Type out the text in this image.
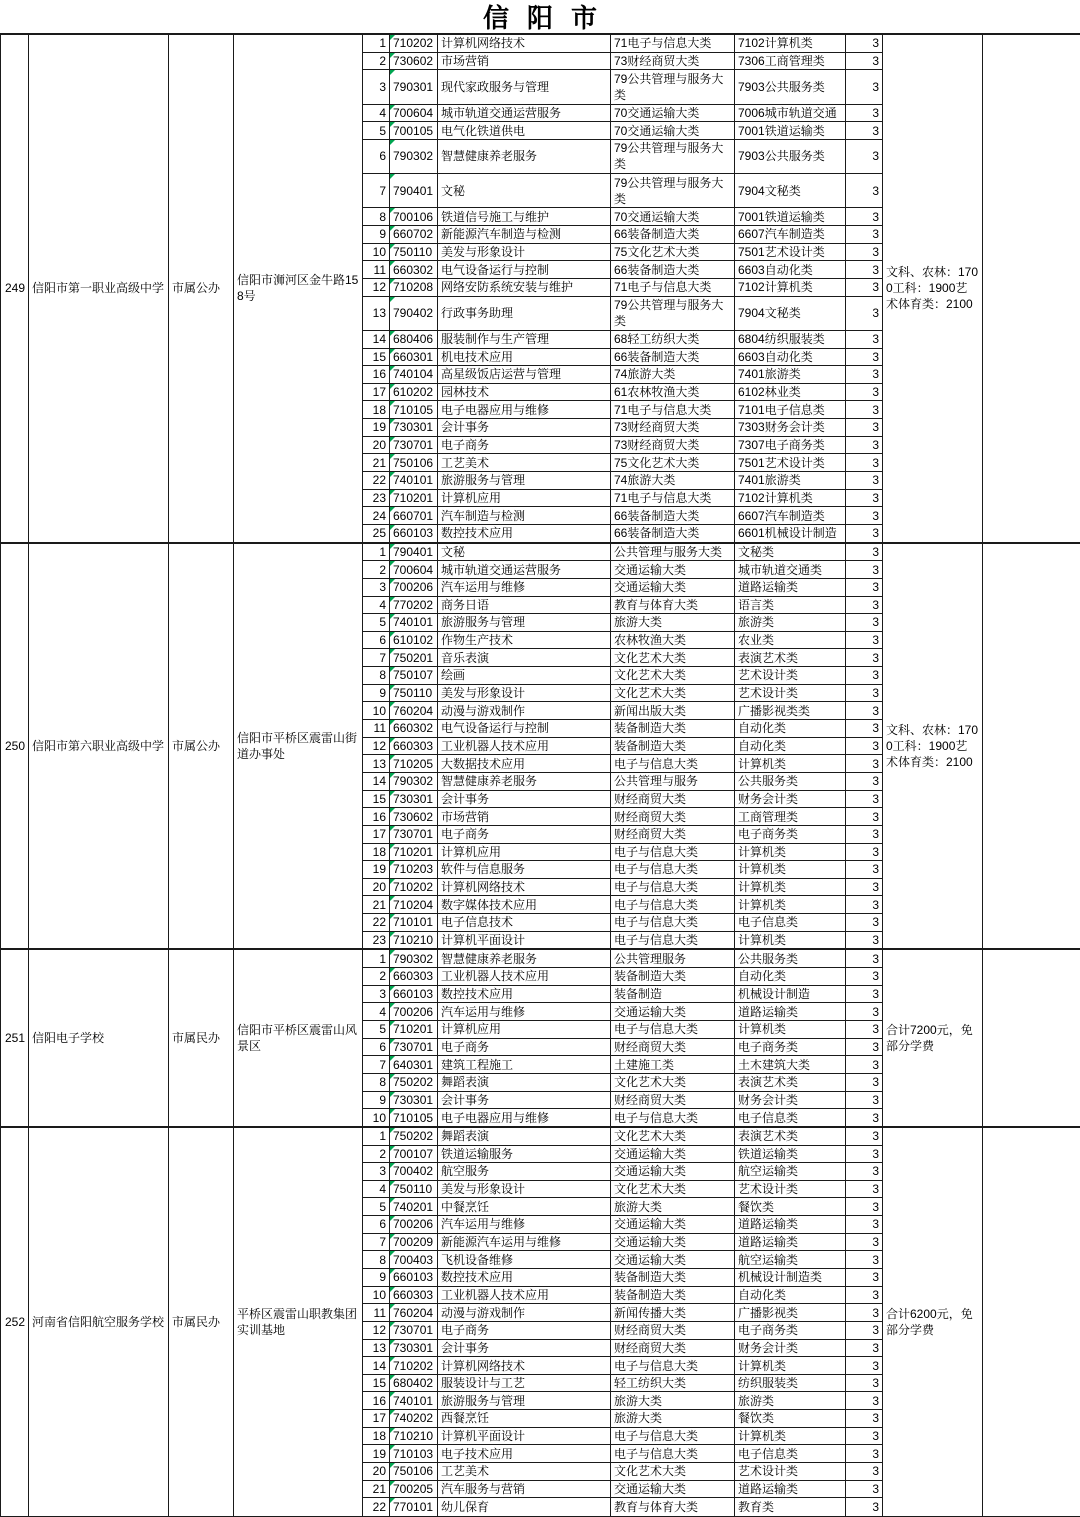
信阳市
249	信阳市第一职业高级中学	市属公办	信阳市浉河区金牛路158号	1	710202	计算机网络技术	71电子与信息大类	7102计算机类	3	文科、农林：1700工科：1900艺术体育类：2100	
				2	730602	市场营销	73财经商贸大类	7306工商管理类	3		
				3	790301	现代家政服务与管理	79公共管理与服务大类	7903公共服务类	3		
				4	700604	城市轨道交通运营服务	70交通运输大类	7006城市轨道交通	3		
				5	700105	电气化铁道供电	70交通运输大类	7001铁道运输类	3		
				6	790302	智慧健康养老服务	79公共管理与服务大类	7903公共服务类	3		
				7	790401	文秘	79公共管理与服务大类	7904文秘类	3		
				8	700106	铁道信号施工与维护	70交通运输大类	7001铁道运输类	3		
				9	660702	新能源汽车制造与检测	66装备制造大类	6607汽车制造类	3		
				10	750110	美发与形象设计	75文化艺术大类	7501艺术设计类	3		
				11	660302	电气设备运行与控制	66装备制造大类	6603自动化类	3		
				12	710208	网络安防系统安装与维护	71电子与信息大类	7102计算机类	3		
				13	790402	行政事务助理	79公共管理与服务大类	7904文秘类	3		
				14	680406	服装制作与生产管理	68轻工纺织大类	6804纺织服装类	3		
				15	660301	机电技术应用	66装备制造大类	6603自动化类	3		
				16	740104	高星级饭店运营与管理	74旅游大类	7401旅游类	3		
				17	610202	园林技术	61农林牧渔大类	6102林业类	3		
				18	710105	电子电器应用与维修	71电子与信息大类	7101电子信息类	3		
				19	730301	会计事务	73财经商贸大类	7303财务会计类	3		
				20	730701	电子商务	73财经商贸大类	7307电子商务类	3		
				21	750106	工艺美术	75文化艺术大类	7501艺术设计类	3		
				22	740101	旅游服务与管理	74旅游大类	7401旅游类	3		
				23	710201	计算机应用	71电子与信息大类	7102计算机类	3		
				24	660701	汽车制造与检测	66装备制造大类	6607汽车制造类	3		
				25	660103	数控技术应用	66装备制造大类	6601机械设计制造	3		
250	信阳市第六职业高级中学	市属公办	信阳市平桥区震雷山街道办事处	1	790401	文秘	公共管理与服务大类	文秘类	3	文科、农林：1700工科：1900艺术体育类：2100	
				2	700604	城市轨道交通运营服务	交通运输大类	城市轨道交通类	3		
				3	700206	汽车运用与维修	交通运输大类	道路运输类	3		
				4	770202	商务日语	教育与体育大类	语言类	3		
				5	740101	旅游服务与管理	旅游大类	旅游类	3		
				6	610102	作物生产技术	农林牧渔大类	农业类	3		
				7	750201	音乐表演	文化艺术大类	表演艺术类	3		
				8	750107	绘画	文化艺术大类	艺术设计类	3		
				9	750110	美发与形象设计	文化艺术大类	艺术设计类	3		
				10	760204	动漫与游戏制作	新闻出版大类	广播影视类类	3		
				11	660302	电气设备运行与控制	装备制造大类	自动化类	3		
				12	660303	工业机器人技术应用	装备制造大类	自动化类	3		
				13	710205	大数据技术应用	电子与信息大类	计算机类	3		
				14	790302	智慧健康养老服务	公共管理与服务	公共服务类	3		
				15	730301	会计事务	财经商贸大类	财务会计类	3		
				16	730602	市场营销	财经商贸大类	工商管理类	3		
				17	730701	电子商务	财经商贸大类	电子商务类	3		
				18	710201	计算机应用	电子与信息大类	计算机类	3		
				19	710203	软件与信息服务	电子与信息大类	计算机类	3		
				20	710202	计算机网络技术	电子与信息大类	计算机类	3		
				21	710204	数字媒体技术应用	电子与信息大类	计算机类	3		
				22	710101	电子信息技术	电子与信息大类	电子信息类	3		
				23	710210	计算机平面设计	电子与信息大类	计算机类	3		
251	信阳电子学校	市属民办	信阳市平桥区震雷山风景区	1	790302	智慧健康养老服务	公共管理服务	公共服务类	3	合计7200元，免部分学费	
				2	660303	工业机器人技术应用	装备制造大类	自动化类	3		
				3	660103	数控技术应用	装备制造	机械设计制造	3		
				4	700206	汽车运用与维修	交通运输大类	道路运输类	3		
				5	710201	计算机应用	电子与信息大类	计算机类	3		
				6	730701	电子商务	财经商贸大类	电子商务类	3		
				7	640301	建筑工程施工	土建施工类	土木建筑大类	3		
				8	750202	舞蹈表演	文化艺术大类	表演艺术类	3		
				9	730301	会计事务	财经商贸大类	财务会计类	3		
				10	710105	电子电器应用与维修	电子与信息大类	电子信息类	3		
252	河南省信阳航空服务学校	市属民办	平桥区震雷山职教集团实训基地	1	750202	舞蹈表演	文化艺术大类	表演艺术类	3	合计6200元，免部分学费	
				2	700107	铁道运输服务	交通运输大类	铁道运输类	3		
				3	700402	航空服务	交通运输大类	航空运输类	3		
				4	750110	美发与形象设计	文化艺术大类	艺术设计类	3		
				5	740201	中餐烹饪	旅游大类	餐饮类	3		
				6	700206	汽车运用与维修	交通运输大类	道路运输类	3		
				7	700209	新能源汽车运用与维修	交通运输大类	道路运输类	3		
				8	700403	飞机设备维修	交通运输大类	航空运输类	3		
				9	660103	数控技术应用	装备制造大类	机械设计制造类	3		
				10	660303	工业机器人技术应用	装备制造大类	自动化类	3		
				11	760204	动漫与游戏制作	新闻传播大类	广播影视类	3		
				12	730701	电子商务	财经商贸大类	电子商务类	3		
				13	730301	会计事务	财经商贸大类	财务会计类	3		
				14	710202	计算机网络技术	电子与信息大类	计算机类	3		
				15	680402	服装设计与工艺	轻工纺织大类	纺织服装类	3		
				16	740101	旅游服务与管理	旅游大类	旅游类	3		
				17	740202	西餐烹饪	旅游大类	餐饮类	3		
				18	710210	计算机平面设计	电子与信息大类	计算机类	3		
				19	710103	电子技术应用	电子与信息大类	电子信息类	3		
				20	750106	工艺美术	文化艺术大类	艺术设计类	3		
				21	700205	汽车服务与营销	交通运输大类	道路运输类	3		
				22	770101	幼儿保育	教育与体育大类	教育类	3		
